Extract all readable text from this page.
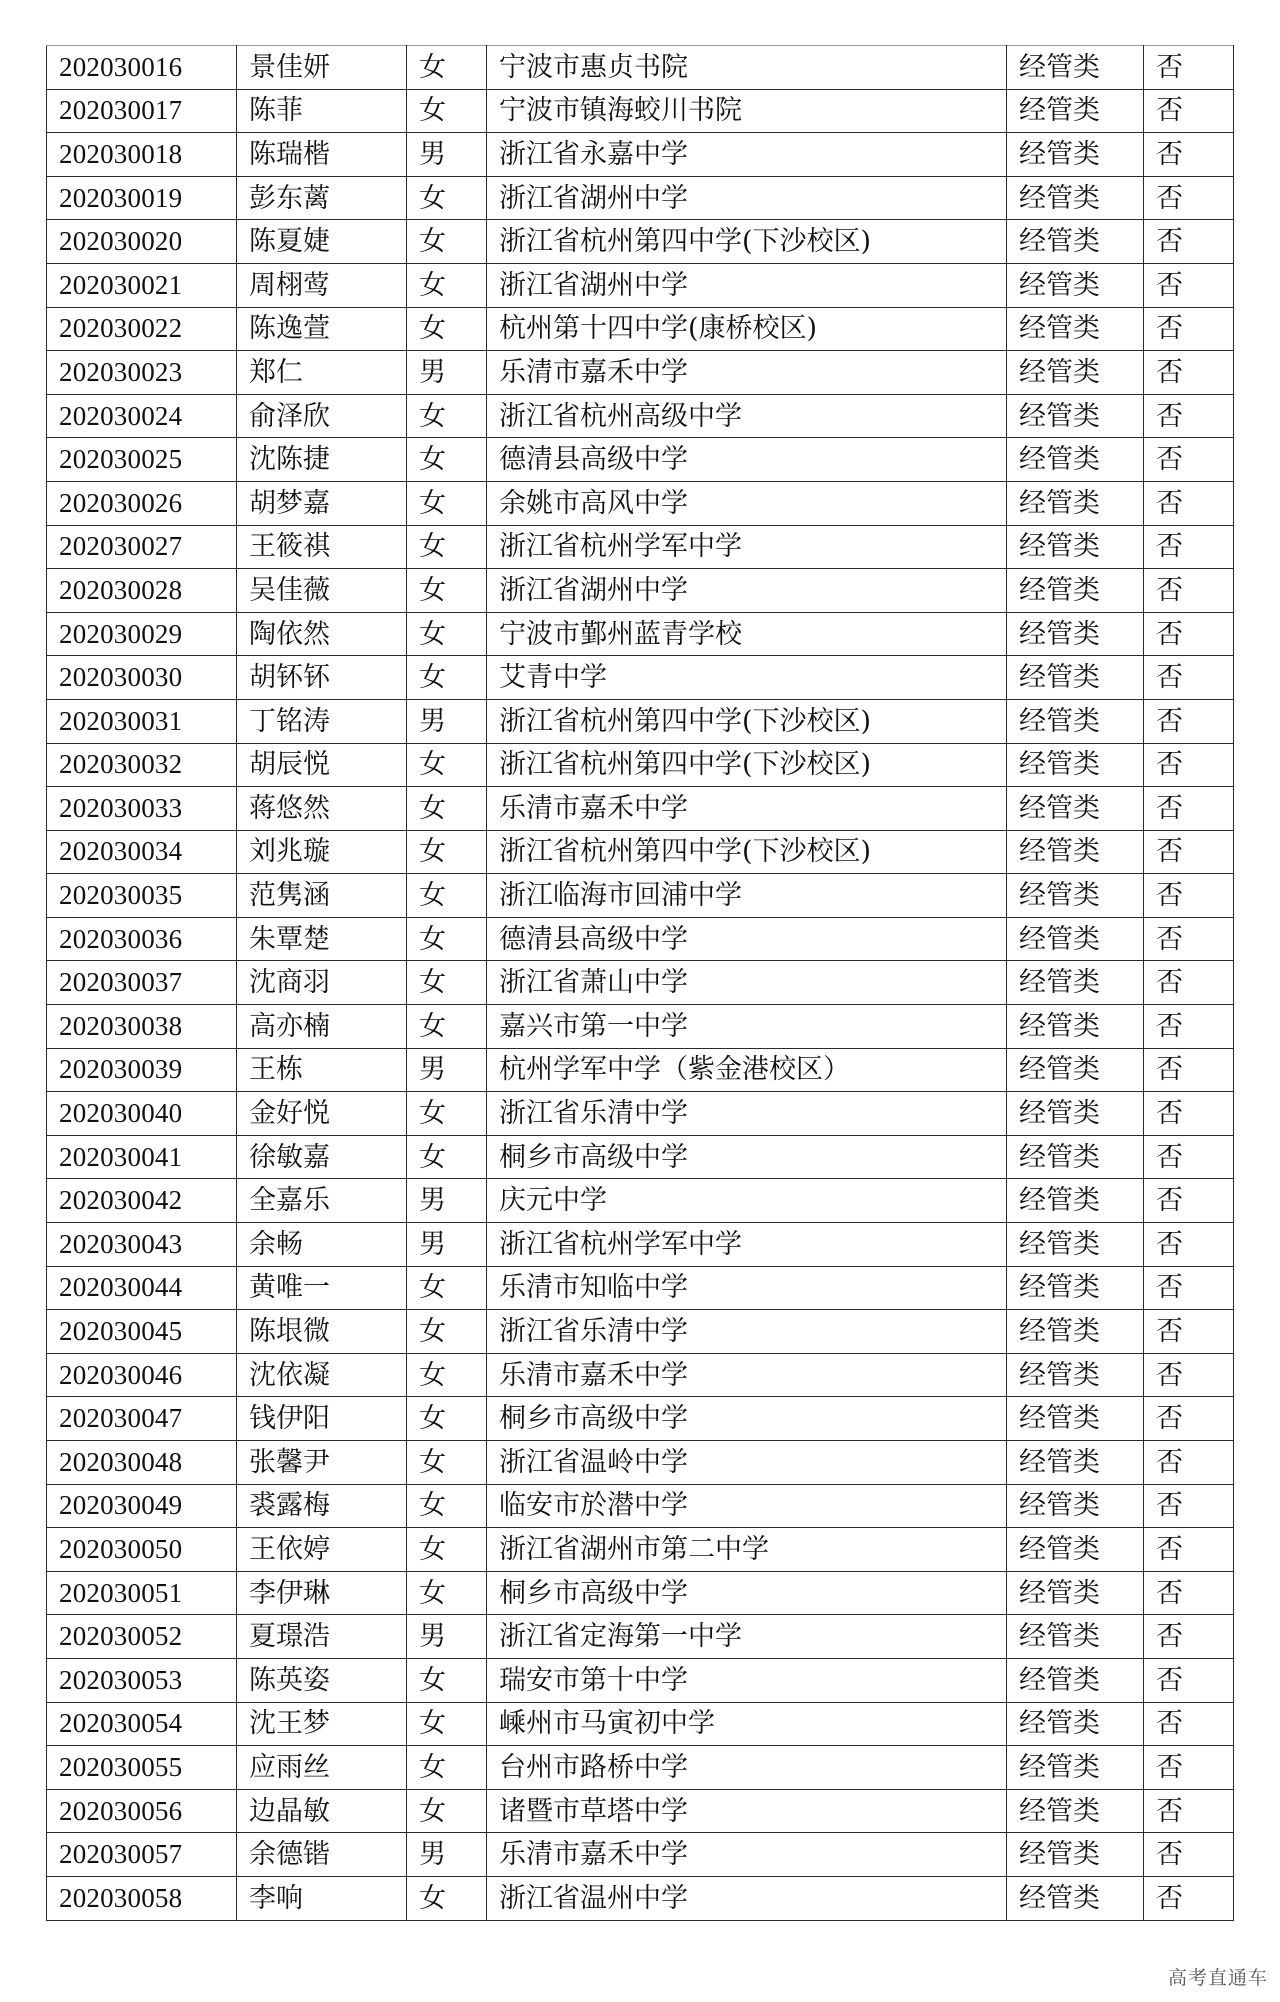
202030016	景佳妍	女	宁波市惠贞书院	经管类	否
202030017	陈菲	女	宁波市镇海蛟川书院	经管类	否
202030018	陈瑞楷	男	浙江省永嘉中学	经管类	否
202030019	彭东蓠	女	浙江省湖州中学	经管类	否
202030020	陈夏婕	女	浙江省杭州第四中学(下沙校区)	经管类	否
202030021	周栩莺	女	浙江省湖州中学	经管类	否
202030022	陈逸萱	女	杭州第十四中学(康桥校区)	经管类	否
202030023	郑仁	男	乐清市嘉禾中学	经管类	否
202030024	俞泽欣	女	浙江省杭州高级中学	经管类	否
202030025	沈陈捷	女	德清县高级中学	经管类	否
202030026	胡梦嘉	女	余姚市高风中学	经管类	否
202030027	王筱祺	女	浙江省杭州学军中学	经管类	否
202030028	吴佳薇	女	浙江省湖州中学	经管类	否
202030029	陶依然	女	宁波市鄞州蓝青学校	经管类	否
202030030	胡钚钚	女	艾青中学	经管类	否
202030031	丁铭涛	男	浙江省杭州第四中学(下沙校区)	经管类	否
202030032	胡辰悦	女	浙江省杭州第四中学(下沙校区)	经管类	否
202030033	蒋悠然	女	乐清市嘉禾中学	经管类	否
202030034	刘兆璇	女	浙江省杭州第四中学(下沙校区)	经管类	否
202030035	范隽涵	女	浙江临海市回浦中学	经管类	否
202030036	朱覃楚	女	德清县高级中学	经管类	否
202030037	沈商羽	女	浙江省萧山中学	经管类	否
202030038	高亦楠	女	嘉兴市第一中学	经管类	否
202030039	王栋	男	杭州学军中学（紫金港校区）	经管类	否
202030040	金好悦	女	浙江省乐清中学	经管类	否
202030041	徐敏嘉	女	桐乡市高级中学	经管类	否
202030042	全嘉乐	男	庆元中学	经管类	否
202030043	余畅	男	浙江省杭州学军中学	经管类	否
202030044	黄唯一	女	乐清市知临中学	经管类	否
202030045	陈垠微	女	浙江省乐清中学	经管类	否
202030046	沈依凝	女	乐清市嘉禾中学	经管类	否
202030047	钱伊阳	女	桐乡市高级中学	经管类	否
202030048	张馨尹	女	浙江省温岭中学	经管类	否
202030049	裘露梅	女	临安市於潜中学	经管类	否
202030050	王依婷	女	浙江省湖州市第二中学	经管类	否
202030051	李伊琳	女	桐乡市高级中学	经管类	否
202030052	夏璟浩	男	浙江省定海第一中学	经管类	否
202030053	陈英姿	女	瑞安市第十中学	经管类	否
202030054	沈王梦	女	嵊州市马寅初中学	经管类	否
202030055	应雨丝	女	台州市路桥中学	经管类	否
202030056	边晶敏	女	诸暨市草塔中学	经管类	否
202030057	余德锴	男	乐清市嘉禾中学	经管类	否
202030058	李响	女	浙江省温州中学	经管类	否
高考直通车
